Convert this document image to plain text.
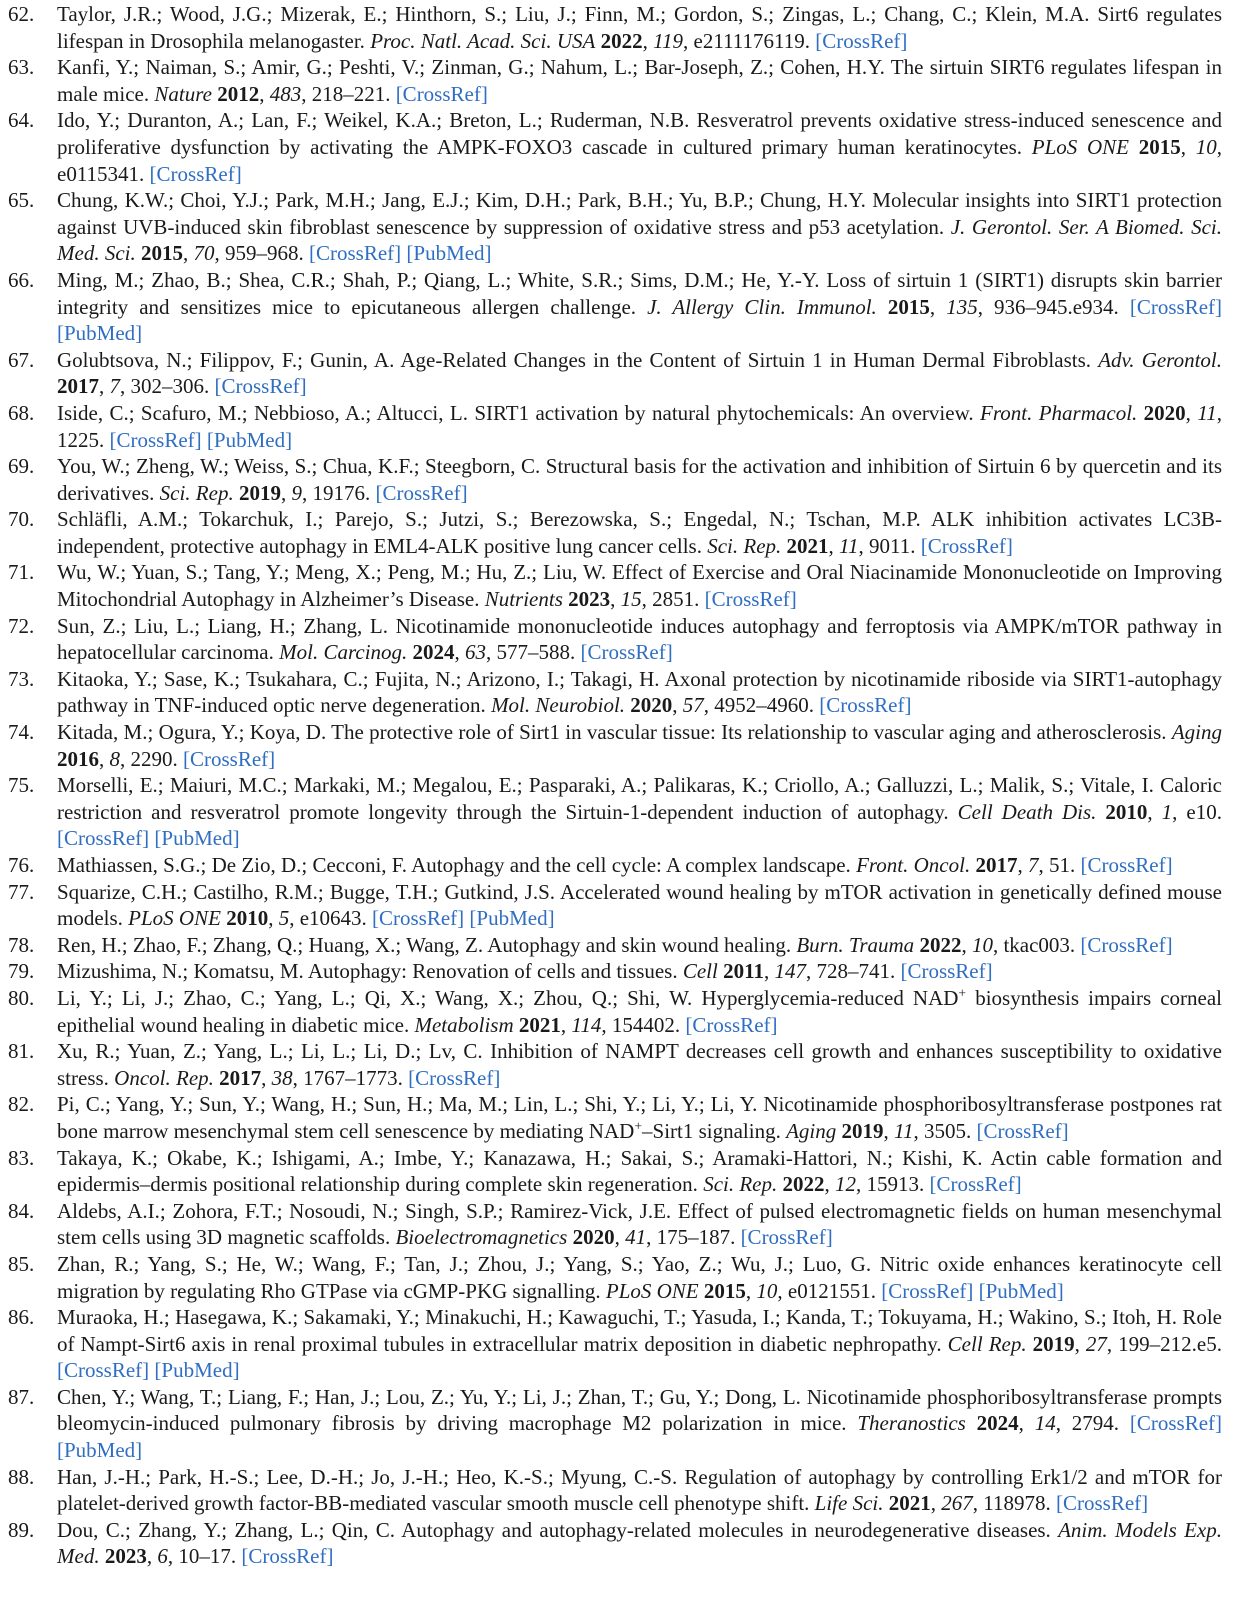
62. Taylor, J.R.; Wood, J.G.; Mizerak, E.; Hinthorn, S.; Liu, J.; Finn, M.; Gordon, S.; Zingas, L.; Chang, C.; Klein, M.A. Sirt6 regulates lifespan in Drosophila melanogaster. Proc. Natl. Acad. Sci. USA 2022, 119, e2111176119. [CrossRef]
63. Kanfi, Y.; Naiman, S.; Amir, G.; Peshti, V.; Zinman, G.; Nahum, L.; Bar-Joseph, Z.; Cohen, H.Y. The sirtuin SIRT6 regulates lifespan in male mice. Nature 2012, 483, 218–221. [CrossRef]
64. Ido, Y.; Duranton, A.; Lan, F.; Weikel, K.A.; Breton, L.; Ruderman, N.B. Resveratrol prevents oxidative stress-induced senescence and proliferative dysfunction by activating the AMPK-FOXO3 cascade in cultured primary human keratinocytes. PLoS ONE 2015, 10, e0115341. [CrossRef]
65. Chung, K.W.; Choi, Y.J.; Park, M.H.; Jang, E.J.; Kim, D.H.; Park, B.H.; Yu, B.P.; Chung, H.Y. Molecular insights into SIRT1 protection against UVB-induced skin fibroblast senescence by suppression of oxidative stress and p53 acetylation. J. Gerontol. Ser. A Biomed. Sci. Med. Sci. 2015, 70, 959–968. [CrossRef] [PubMed]
66. Ming, M.; Zhao, B.; Shea, C.R.; Shah, P.; Qiang, L.; White, S.R.; Sims, D.M.; He, Y.-Y. Loss of sirtuin 1 (SIRT1) disrupts skin barrier integrity and sensitizes mice to epicutaneous allergen challenge. J. Allergy Clin. Immunol. 2015, 135, 936–945.e934. [CrossRef] [PubMed]
67. Golubtsova, N.; Filippov, F.; Gunin, A. Age-Related Changes in the Content of Sirtuin 1 in Human Dermal Fibroblasts. Adv. Gerontol. 2017, 7, 302–306. [CrossRef]
68. Iside, C.; Scafuro, M.; Nebbioso, A.; Altucci, L. SIRT1 activation by natural phytochemicals: An overview. Front. Pharmacol. 2020, 11, 1225. [CrossRef] [PubMed]
69. You, W.; Zheng, W.; Weiss, S.; Chua, K.F.; Steegborn, C. Structural basis for the activation and inhibition of Sirtuin 6 by quercetin and its derivatives. Sci. Rep. 2019, 9, 19176. [CrossRef]
70. Schläfli, A.M.; Tokarchuk, I.; Parejo, S.; Jutzi, S.; Berezowska, S.; Engedal, N.; Tschan, M.P. ALK inhibition activates LC3B-independent, protective autophagy in EML4-ALK positive lung cancer cells. Sci. Rep. 2021, 11, 9011. [CrossRef]
71. Wu, W.; Yuan, S.; Tang, Y.; Meng, X.; Peng, M.; Hu, Z.; Liu, W. Effect of Exercise and Oral Niacinamide Mononucleotide on Improving Mitochondrial Autophagy in Alzheimer’s Disease. Nutrients 2023, 15, 2851. [CrossRef]
72. Sun, Z.; Liu, L.; Liang, H.; Zhang, L. Nicotinamide mononucleotide induces autophagy and ferroptosis via AMPK/mTOR pathway in hepatocellular carcinoma. Mol. Carcinog. 2024, 63, 577–588. [CrossRef]
73. Kitaoka, Y.; Sase, K.; Tsukahara, C.; Fujita, N.; Arizono, I.; Takagi, H. Axonal protection by nicotinamide riboside via SIRT1-autophagy pathway in TNF-induced optic nerve degeneration. Mol. Neurobiol. 2020, 57, 4952–4960. [CrossRef]
74. Kitada, M.; Ogura, Y.; Koya, D. The protective role of Sirt1 in vascular tissue: Its relationship to vascular aging and atherosclerosis. Aging 2016, 8, 2290. [CrossRef]
75. Morselli, E.; Maiuri, M.C.; Markaki, M.; Megalou, E.; Pasparaki, A.; Palikaras, K.; Criollo, A.; Galluzzi, L.; Malik, S.; Vitale, I. Caloric restriction and resveratrol promote longevity through the Sirtuin-1-dependent induction of autophagy. Cell Death Dis. 2010, 1, e10. [CrossRef] [PubMed]
76. Mathiassen, S.G.; De Zio, D.; Cecconi, F. Autophagy and the cell cycle: A complex landscape. Front. Oncol. 2017, 7, 51. [CrossRef]
77. Squarize, C.H.; Castilho, R.M.; Bugge, T.H.; Gutkind, J.S. Accelerated wound healing by mTOR activation in genetically defined mouse models. PLoS ONE 2010, 5, e10643. [CrossRef] [PubMed]
78. Ren, H.; Zhao, F.; Zhang, Q.; Huang, X.; Wang, Z. Autophagy and skin wound healing. Burn. Trauma 2022, 10, tkac003. [CrossRef]
79. Mizushima, N.; Komatsu, M. Autophagy: Renovation of cells and tissues. Cell 2011, 147, 728–741. [CrossRef]
80. Li, Y.; Li, J.; Zhao, C.; Yang, L.; Qi, X.; Wang, X.; Zhou, Q.; Shi, W. Hyperglycemia-reduced NAD+ biosynthesis impairs corneal epithelial wound healing in diabetic mice. Metabolism 2021, 114, 154402. [CrossRef]
81. Xu, R.; Yuan, Z.; Yang, L.; Li, L.; Li, D.; Lv, C. Inhibition of NAMPT decreases cell growth and enhances susceptibility to oxidative stress. Oncol. Rep. 2017, 38, 1767–1773. [CrossRef]
82. Pi, C.; Yang, Y.; Sun, Y.; Wang, H.; Sun, H.; Ma, M.; Lin, L.; Shi, Y.; Li, Y.; Li, Y. Nicotinamide phosphoribosyltransferase postpones rat bone marrow mesenchymal stem cell senescence by mediating NAD+–Sirt1 signaling. Aging 2019, 11, 3505. [CrossRef]
83. Takaya, K.; Okabe, K.; Ishigami, A.; Imbe, Y.; Kanazawa, H.; Sakai, S.; Aramaki-Hattori, N.; Kishi, K. Actin cable formation and epidermis–dermis positional relationship during complete skin regeneration. Sci. Rep. 2022, 12, 15913. [CrossRef]
84. Aldebs, A.I.; Zohora, F.T.; Nosoudi, N.; Singh, S.P.; Ramirez-Vick, J.E. Effect of pulsed electromagnetic fields on human mesenchymal stem cells using 3D magnetic scaffolds. Bioelectromagnetics 2020, 41, 175–187. [CrossRef]
85. Zhan, R.; Yang, S.; He, W.; Wang, F.; Tan, J.; Zhou, J.; Yang, S.; Yao, Z.; Wu, J.; Luo, G. Nitric oxide enhances keratinocyte cell migration by regulating Rho GTPase via cGMP-PKG signalling. PLoS ONE 2015, 10, e0121551. [CrossRef] [PubMed]
86. Muraoka, H.; Hasegawa, K.; Sakamaki, Y.; Minakuchi, H.; Kawaguchi, T.; Yasuda, I.; Kanda, T.; Tokuyama, H.; Wakino, S.; Itoh, H. Role of Nampt-Sirt6 axis in renal proximal tubules in extracellular matrix deposition in diabetic nephropathy. Cell Rep. 2019, 27, 199–212.e5. [CrossRef] [PubMed]
87. Chen, Y.; Wang, T.; Liang, F.; Han, J.; Lou, Z.; Yu, Y.; Li, J.; Zhan, T.; Gu, Y.; Dong, L. Nicotinamide phosphoribosyltransferase prompts bleomycin-induced pulmonary fibrosis by driving macrophage M2 polarization in mice. Theranostics 2024, 14, 2794. [CrossRef] [PubMed]
88. Han, J.-H.; Park, H.-S.; Lee, D.-H.; Jo, J.-H.; Heo, K.-S.; Myung, C.-S. Regulation of autophagy by controlling Erk1/2 and mTOR for platelet-derived growth factor-BB-mediated vascular smooth muscle cell phenotype shift. Life Sci. 2021, 267, 118978. [CrossRef]
89. Dou, C.; Zhang, Y.; Zhang, L.; Qin, C. Autophagy and autophagy-related molecules in neurodegenerative diseases. Anim. Models Exp. Med. 2023, 6, 10–17. [CrossRef]
